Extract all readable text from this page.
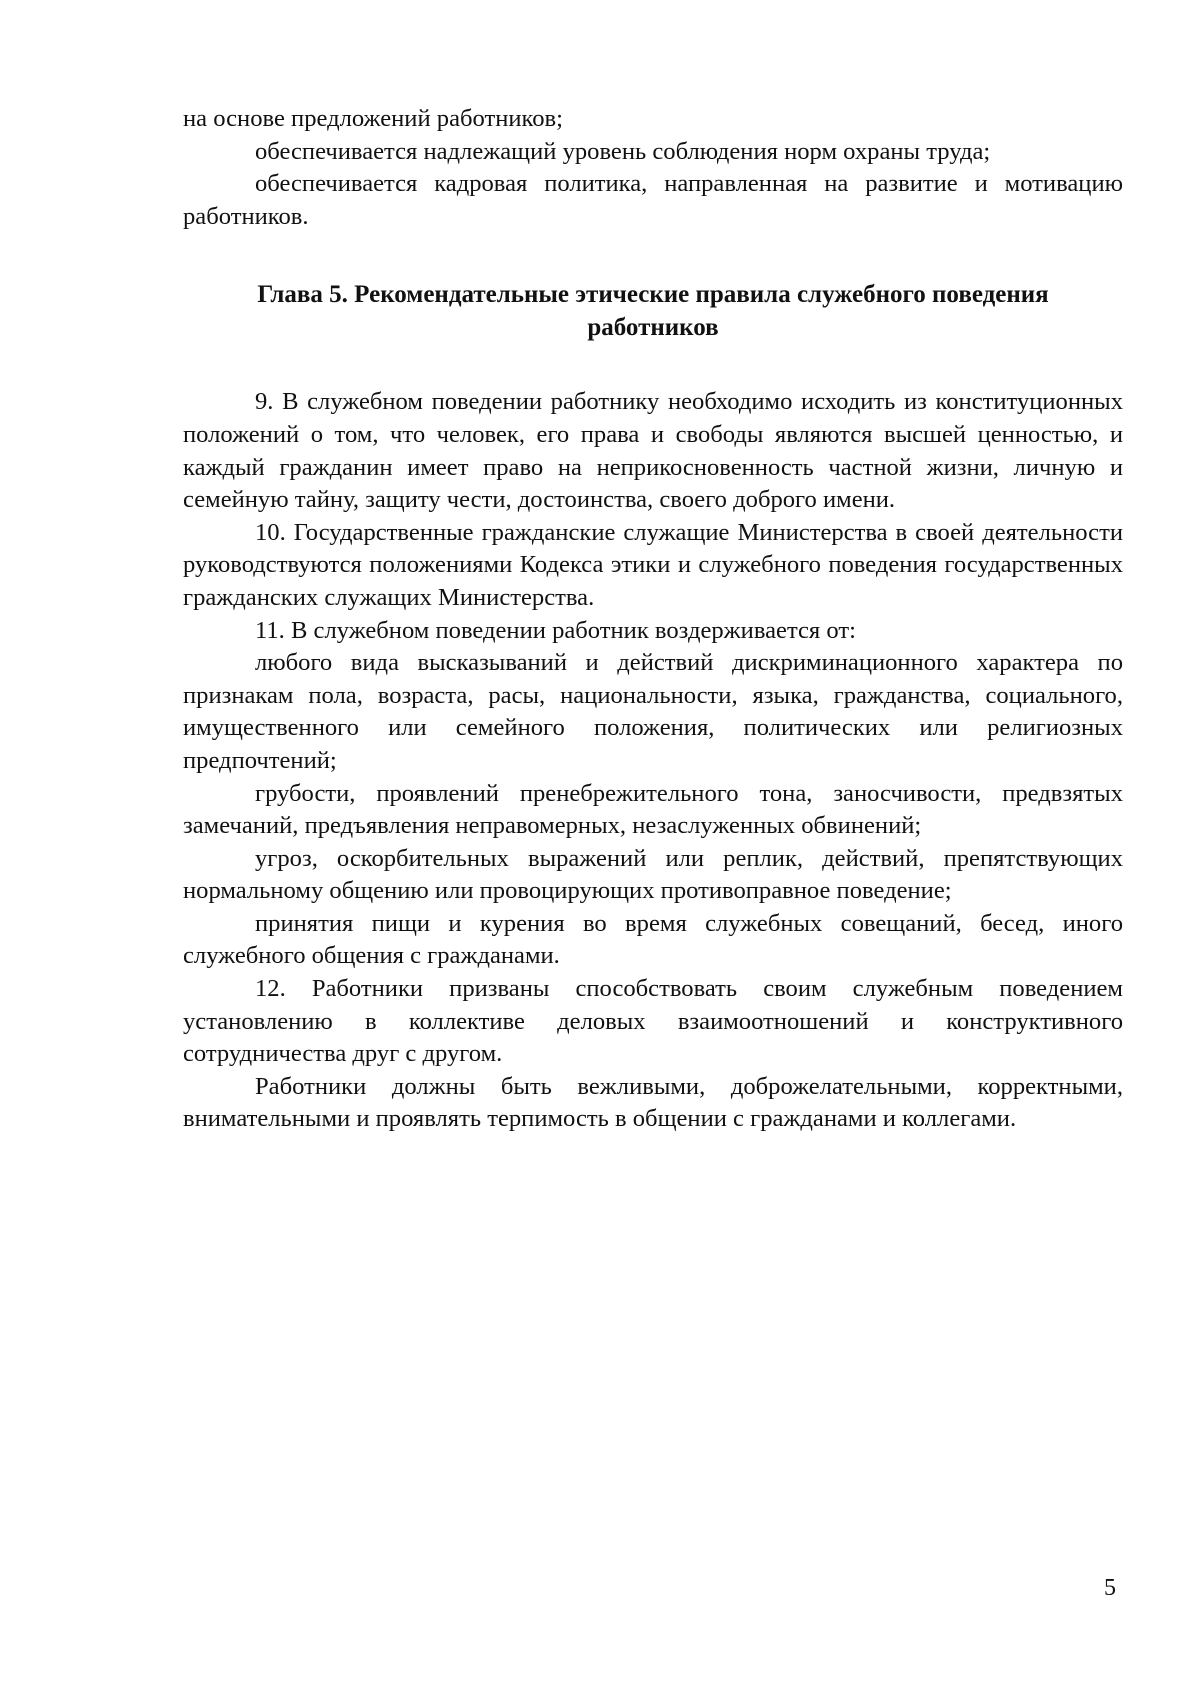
на основе предложений работников;

обеспечивается надлежащий уровень соблюдения норм охраны труда;

обеспечивается кадровая политика, направленная на развитие и мотивацию работников.

Глава 5. Рекомендательные этические правила служебного поведения работников

9. В служебном поведении работнику необходимо исходить из конституционных положений о том, что человек, его права и свободы являются высшей ценностью, и каждый гражданин имеет право на неприкосновенность частной жизни, личную и семейную тайну, защиту чести, достоинства, своего доброго имени.

10. Государственные гражданские служащие Министерства в своей деятельности руководствуются положениями Кодекса этики и служебного поведения государственных гражданских служащих Министерства.

11. В служебном поведении работник воздерживается от:

любого вида высказываний и действий дискриминационного характера по признакам пола, возраста, расы, национальности, языка, гражданства, социального, имущественного или семейного положения, политических или религиозных предпочтений;

грубости, проявлений пренебрежительного тона, заносчивости, предвзятых замечаний, предъявления неправомерных, незаслуженных обвинений;

угроз, оскорбительных выражений или реплик, действий, препятствующих нормальному общению или провоцирующих противоправное поведение;

принятия пищи и курения во время служебных совещаний, бесед, иного служебного общения с гражданами.

12. Работники призваны способствовать своим служебным поведением установлению в коллективе деловых взаимоотношений и конструктивного сотрудничества друг с другом.

Работники должны быть вежливыми, доброжелательными, корректными, внимательными и проявлять терпимость в общении с гражданами и коллегами.

5
